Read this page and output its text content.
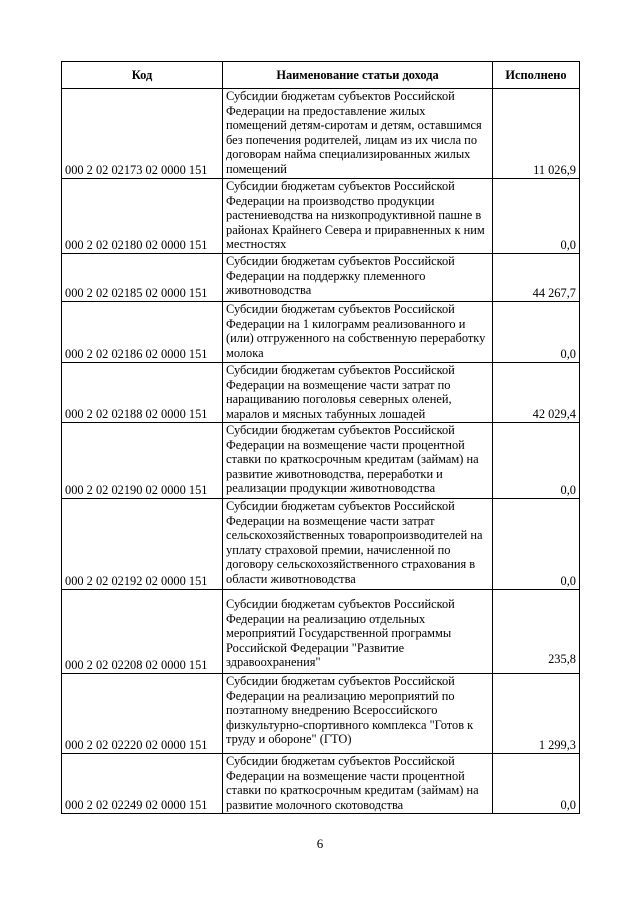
Код	Наименование статьи дохода	Исполнено
000 2 02 02173 02 0000 151	Субсидии бюджетам субъектов Российской Федерации на предоставление жилых помещений детям-сиротам и детям, оставшимся без попечения родителей, лицам из их числа по договорам найма специализированных жилых помещений	11 026,9
000 2 02 02180 02 0000 151	Субсидии бюджетам субъектов Российской Федерации на производство продукции растениеводства на низкопродуктивной пашне в районах Крайнего Севера и приравненных к ним местностях	0,0
000 2 02 02185 02 0000 151	Субсидии бюджетам субъектов Российской Федерации на поддержку племенного животноводства	44 267,7
000 2 02 02186 02 0000 151	Субсидии бюджетам субъектов Российской Федерации на 1 килограмм реализованного и (или) отгруженного на собственную переработку молока	0,0
000 2 02 02188 02 0000 151	Субсидии бюджетам субъектов Российской Федерации на возмещение части затрат по наращиванию поголовья северных оленей, маралов и мясных табунных лошадей	42 029,4
000 2 02 02190 02 0000 151	Субсидии бюджетам субъектов Российской Федерации на возмещение части процентной ставки по краткосрочным кредитам (займам) на развитие животноводства, переработки и реализации продукции животноводства	0,0
000 2 02 02192 02 0000 151	Субсидии бюджетам субъектов Российской Федерации на возмещение части затрат сельскохозяйственных товаропроизводителей на уплату страховой премии, начисленной по договору сельскохозяйственного страхования в области животноводства	0,0
000 2 02 02208 02 0000 151	Субсидии бюджетам субъектов Российской Федерации на реализацию отдельных мероприятий Государственной программы Российской Федерации "Развитие здравоохранения"	235,8
000 2 02 02220 02 0000 151	Субсидии бюджетам субъектов Российской Федерации на реализацию мероприятий по поэтапному внедрению Всероссийского физкультурно-спортивного комплекса "Готов к труду и обороне" (ГТО)	1 299,3
000 2 02 02249 02 0000 151	Субсидии бюджетам субъектов Российской Федерации на возмещение части процентной ставки по краткосрочным кредитам (займам) на развитие молочного скотоводства	0,0
6
